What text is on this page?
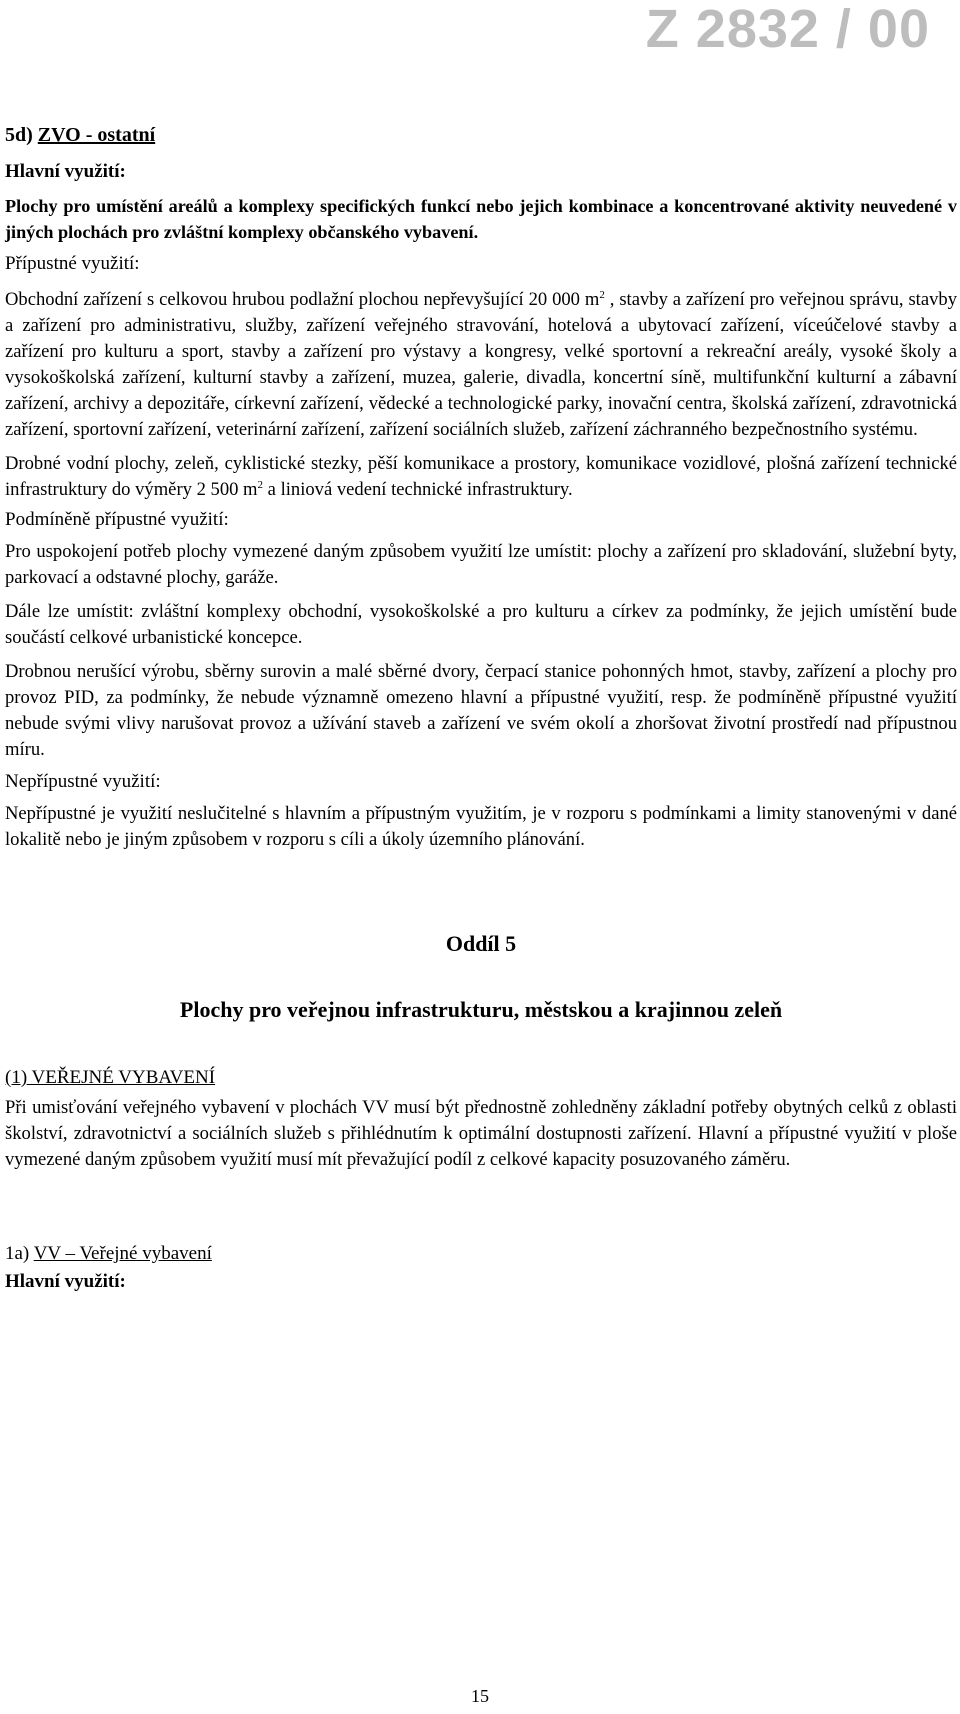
Z 2832 / 00
5d) ZVO - ostatní
Hlavní využití:

Plochy pro umístění areálů a komplexy specifických funkcí nebo jejich kombinace a koncentrované aktivity neuvedené v jiných plochách pro zvláštní komplexy občanského vybavení.

Přípustné využití:

Obchodní zařízení s celkovou hrubou podlažní plochou nepřevyšující 20 000 $m^2$ , stavby a zařízení pro veřejnou správu, stavby a zařízení pro administrativu, služby, zařízení veřejného stravování, hotelová a ubytovací zařízení, víceúčelové stavby a zařízení pro kulturu a sport, stavby a zařízení pro výstavy a kongresy, velké sportovní a rekreační areály, vysoké školy a vysokoškolská zařízení, kulturní stavby a zařízení, muzea, galerie, divadla, koncertní síně, multifunkční kulturní a zábavní zařízení, archivy a depozitáře, církevní zařízení, vědecké a technologické parky, inovační centra, školská zařízení, zdravotnická zařízení, sportovní zařízení, veterinární zařízení, zařízení sociálních služeb, zařízení záchranného bezpečnostního systému.

Drobné vodní plochy, zeleň, cyklistické stezky, pěší komunikace a prostory, komunikace vozidlové, plošná zařízení technické infrastruktury do výměry 2 500 $m^2$ a liniová vedení technické infrastruktury.

Podmíněně přípustné využití:

Pro uspokojení potřeb plochy vymezené daným způsobem využití lze umístit: plochy a zařízení pro skladování, služební byty, parkovací a odstavné plochy, garáže.

Dále lze umístit: zvláštní komplexy obchodní, vysokoškolské a pro kulturu a církev za podmínky, že jejich umístění bude součástí celkové urbanistické koncepce.

Drobnou nerušící výrobu, sběrny surovin a malé sběrné dvory, čerpací stanice pohonných hmot, stavby, zařízení a plochy pro provoz PID, za podmínky, že nebude významně omezeno hlavní a přípustné využití, resp. že podmíněně přípustné využití nebude svými vlivy narušovat provoz a užívání staveb a zařízení ve svém okolí a zhoršovat životní prostředí nad přípustnou míru.

Nepřípustné využití:

Nepřípustné je využití neslučitelné s hlavním a přípustným využitím, je v rozporu s podmínkami a limity stanovenými v dané lokalitě nebo je jiným způsobem v rozporu s cíli a úkoly územního plánování.

Oddíl 5
Plochy pro veřejnou infrastrukturu, městskou a krajinnou zeleň
(1) VEŘEJNÉ VYBAVENÍ

Při umisťování veřejného vybavení v plochách VV musí být přednostně zohledněny základní potřeby obytných celků z oblasti školství, zdravotnictví a sociálních služeb s přihlédnutím k optimální dostupnosti zařízení. Hlavní a přípustné využití v ploše vymezené daným způsobem využití musí mít převažující podíl z celkové kapacity posuzovaného záměru.

1a) VV – Veřejné vybavení
Hlavní využití:
15
